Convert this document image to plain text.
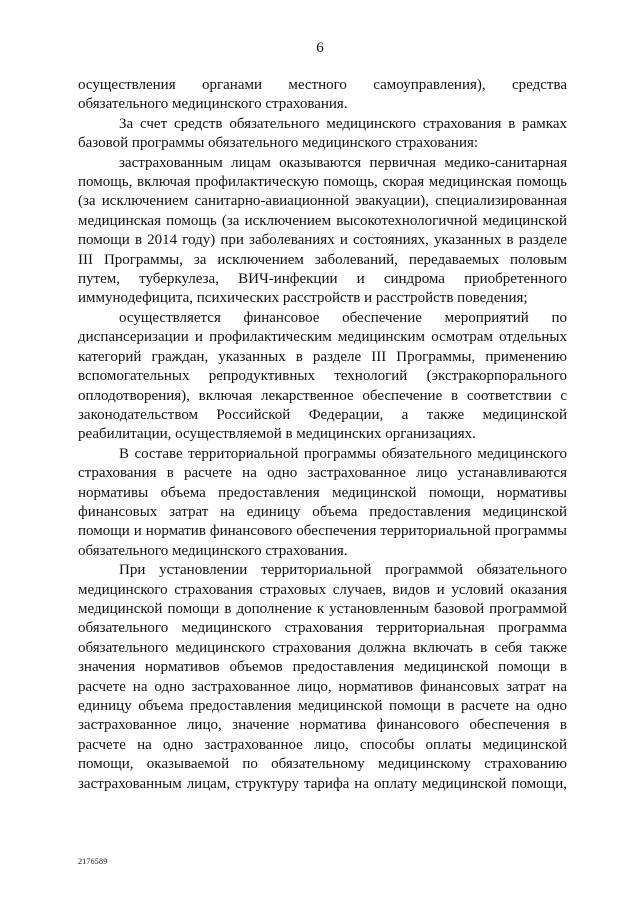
6

осуществления органами местного самоуправления), средства обязательного медицинского страхования.

За счет средств обязательного медицинского страхования в рамках базовой программы обязательного медицинского страхования:

застрахованным лицам оказываются первичная медико-санитарная помощь, включая профилактическую помощь, скорая медицинская помощь (за исключением санитарно-авиационной эвакуации), специализированная медицинская помощь (за исключением высокотехнологичной медицинской помощи в 2014 году) при заболеваниях и состояниях, указанных в разделе III Программы, за исключением заболеваний, передаваемых половым путем, туберкулеза, ВИЧ-инфекции и синдрома приобретенного иммунодефицита, психических расстройств и расстройств поведения;

осуществляется финансовое обеспечение мероприятий по диспансеризации и профилактическим медицинским осмотрам отдельных категорий граждан, указанных в разделе III Программы, применению вспомогательных репродуктивных технологий (экстракорпорального оплодотворения), включая лекарственное обеспечение в соответствии с законодательством Российской Федерации, а также медицинской реабилитации, осуществляемой в медицинских организациях.

В составе территориальной программы обязательного медицинского страхования в расчете на одно застрахованное лицо устанавливаются нормативы объема предоставления медицинской помощи, нормативы финансовых затрат на единицу объема предоставления медицинской помощи и норматив финансового обеспечения территориальной программы обязательного медицинского страхования.

При установлении территориальной программой обязательного медицинского страхования страховых случаев, видов и условий оказания медицинской помощи в дополнение к установленным базовой программой обязательного медицинского страхования территориальная программа обязательного медицинского страхования должна включать в себя также значения нормативов объемов предоставления медицинской помощи в расчете на одно застрахованное лицо, нормативов финансовых затрат на единицу объема предоставления медицинской помощи в расчете на одно застрахованное лицо, значение норматива финансового обеспечения в расчете на одно застрахованное лицо, способы оплаты медицинской помощи, оказываемой по обязательному медицинскому страхованию застрахованным лицам, структуру тарифа на оплату медицинской помощи,

2176589
